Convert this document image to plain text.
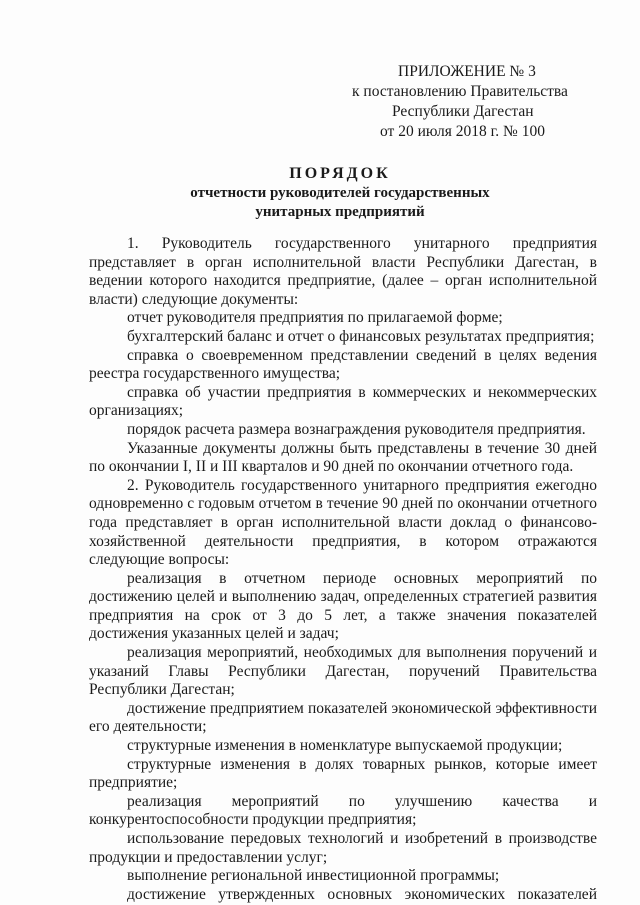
ПРИЛОЖЕНИЕ № 3
к постановлению Правительства
Республики Дагестан
от 20 июля 2018 г. № 100
ПОРЯДОК
отчетности руководителей государственных
унитарных предприятий

1. Руководитель государственного унитарного предприятия представляет в орган исполнительной власти Республики Дагестан, в ведении которого находится предприятие, (далее – орган исполнительной власти) следующие документы:

отчет руководителя предприятия по прилагаемой форме;

бухгалтерский баланс и отчет о финансовых результатах предприятия;

справка о своевременном представлении сведений в целях ведения реестра государственного имущества;

справка об участии предприятия в коммерческих и некоммерческих организациях;

порядок расчета размера вознаграждения руководителя предприятия.

Указанные документы должны быть представлены в течение 30 дней по окончании I, II и III кварталов и 90 дней по окончании отчетного года.

2. Руководитель государственного унитарного предприятия ежегодно одновременно с годовым отчетом в течение 90 дней по окончании отчетного года представляет в орган исполнительной власти доклад о финансово-хозяйственной деятельности предприятия, в котором отражаются следующие вопросы:

реализация в отчетном периоде основных мероприятий по достижению целей и выполнению задач, определенных стратегией развития предприятия на срок от 3 до 5 лет, а также значения показателей достижения указанных целей и задач;

реализация мероприятий, необходимых для выполнения поручений и указаний Главы Республики Дагестан, поручений Правительства Республики Дагестан;

достижение предприятием показателей экономической эффективности его деятельности;

структурные изменения в номенклатуре выпускаемой продукции;

структурные изменения в долях товарных рынков, которые имеет предприятие;

реализация мероприятий по улучшению качества и конкурентоспособности продукции предприятия;

использование передовых технологий и изобретений в производстве продукции и предоставлении услуг;

выполнение региональной инвестиционной программы;

достижение утвержденных основных экономических показателей
